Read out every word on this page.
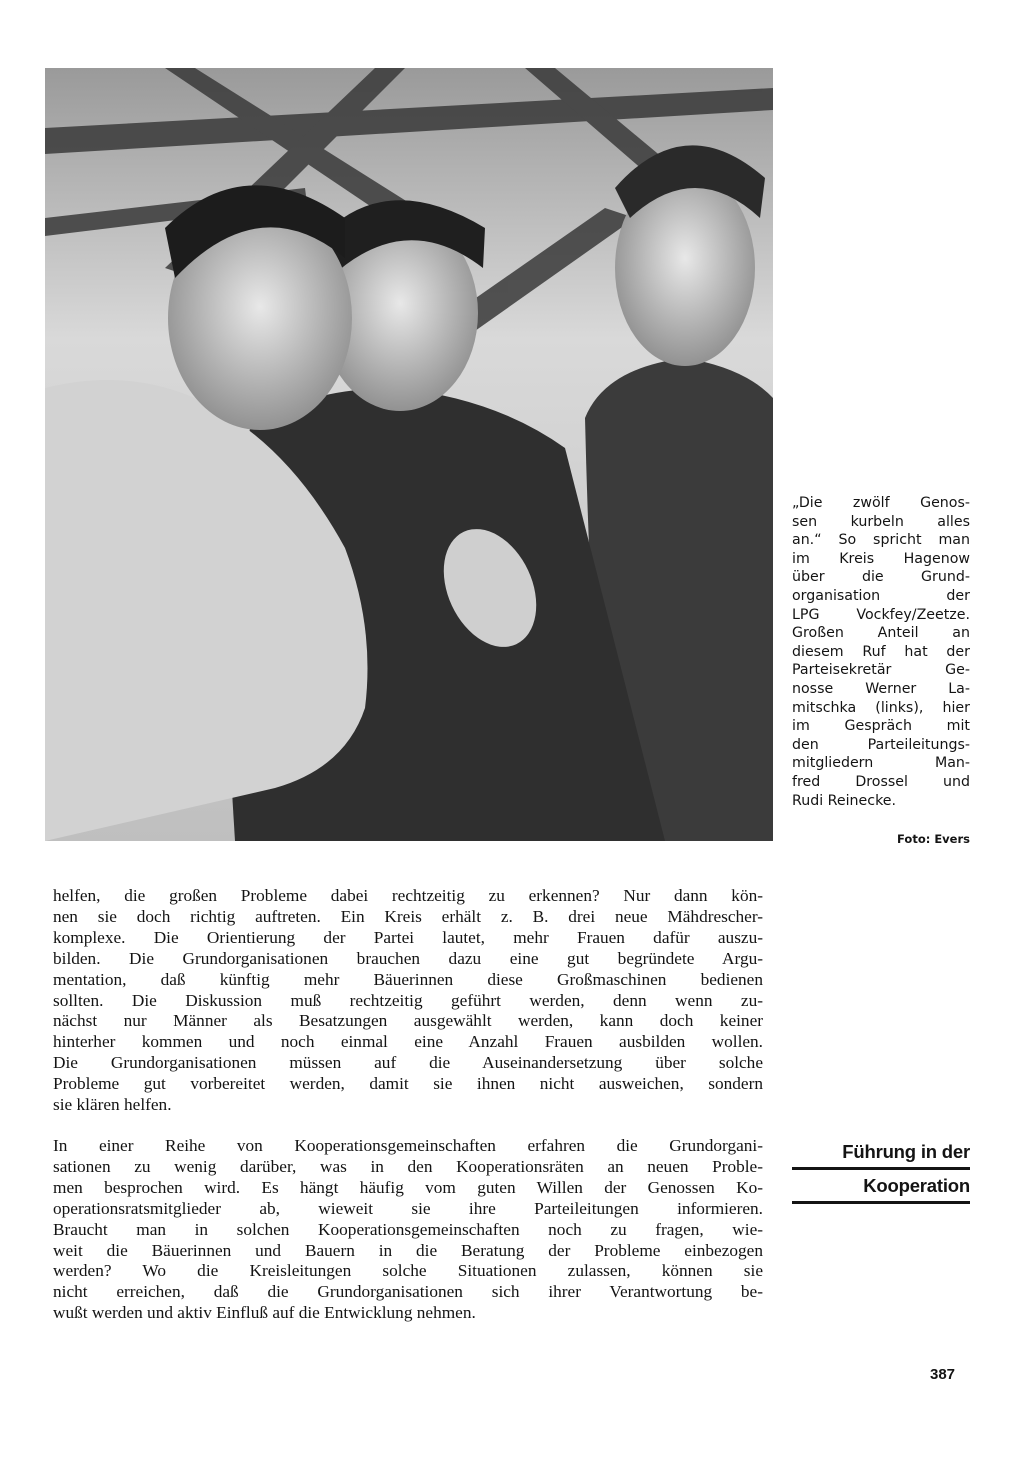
„Die zwölf Genos-
sen kurbeln alles
an.“ So spricht man
im Kreis Hagenow
über die Grund-
organisation der
LPG Vockfey/Zeetze.
Großen Anteil an
diesem Ruf hat der
Parteisekretär Ge-
nosse Werner La-
mitschka (links), hier
im Gespräch mit
den Parteileitungs-
mitgliedern Man-
fred Drossel und
Rudi Reinecke.
Foto: Evers
helfen, die großen Probleme dabei rechtzeitig zu erkennen? Nur dann kön-
nen sie doch richtig auftreten. Ein Kreis erhält z. B. drei neue Mähdrescher-
komplexe. Die Orientierung der Partei lautet, mehr Frauen dafür auszu-
bilden. Die Grundorganisationen brauchen dazu eine gut begründete Argu-
mentation, daß künftig mehr Bäuerinnen diese Großmaschinen bedienen
sollten. Die Diskussion muß rechtzeitig geführt werden, denn wenn zu-
nächst nur Männer als Besatzungen ausgewählt werden, kann doch keiner
hinterher kommen und noch einmal eine Anzahl Frauen ausbilden wollen.
Die Grundorganisationen müssen auf die Auseinandersetzung über solche
Probleme gut vorbereitet werden, damit sie ihnen nicht ausweichen, sondern
sie klären helfen.
In einer Reihe von Kooperationsgemeinschaften erfahren die Grundorgani-
sationen zu wenig darüber, was in den Kooperationsräten an neuen Proble-
men besprochen wird. Es hängt häufig vom guten Willen der Genossen Ko-
operationsratsmitglieder ab, wieweit sie ihre Parteileitungen informieren.
Braucht man in solchen Kooperationsgemeinschaften noch zu fragen, wie-
weit die Bäuerinnen und Bauern in die Beratung der Probleme einbezogen
werden? Wo die Kreisleitungen solche Situationen zulassen, können sie
nicht erreichen, daß die Grundorganisationen sich ihrer Verantwortung be-
wußt werden und aktiv Einfluß auf die Entwicklung nehmen.
Führung in der
Kooperation
387
